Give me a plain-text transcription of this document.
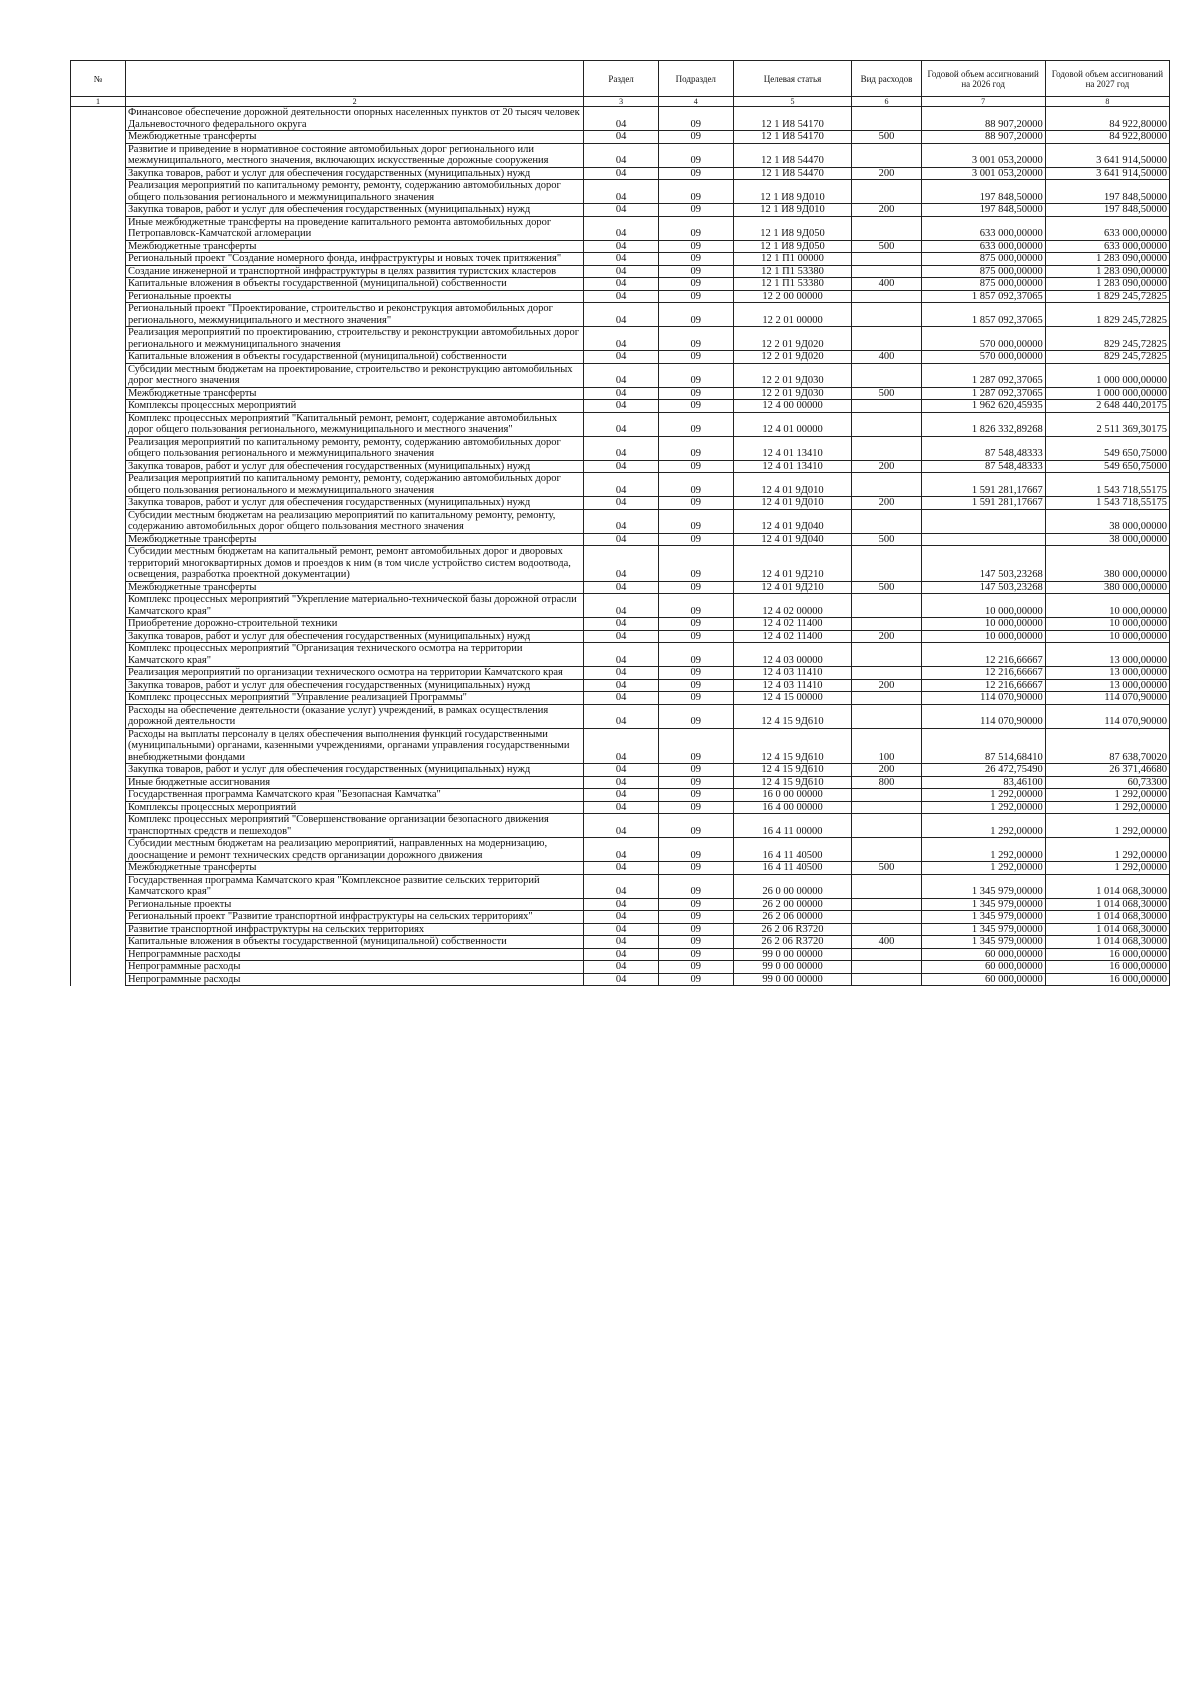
№		Раздел	Подраздел	Целевая статья	Вид расходов	Годовой объем ассигнований на 2026 год	Годовой объем ассигнований на 2027 год
1	2	3	4	5	6	7	8
	Финансовое обеспечение дорожной деятельности опорных населенных пунктов от 20 тысяч человек Дальневосточного федерального округа	04	09	12 1 И8 54170		88 907,20000	84 922,80000
	Межбюджетные трансферты	04	09	12 1 И8 54170	500	88 907,20000	84 922,80000
	Развитие и приведение в нормативное состояние автомобильных дорог регионального или межмуниципального, местного значения, включающих искусственные дорожные сооружения	04	09	12 1 И8 54470		3 001 053,20000	3 641 914,50000
	Закупка товаров, работ и услуг для обеспечения государственных (муниципальных) нужд	04	09	12 1 И8 54470	200	3 001 053,20000	3 641 914,50000
	Реализация мероприятий по капитальному ремонту, ремонту, содержанию автомобильных дорог общего пользования регионального и межмуниципального значения	04	09	12 1 И8 9Д010		197 848,50000	197 848,50000
	Закупка товаров, работ и услуг для обеспечения государственных (муниципальных) нужд	04	09	12 1 И8 9Д010	200	197 848,50000	197 848,50000
	Иные межбюджетные трансферты на проведение капитального ремонта автомобильных дорог Петропавловск-Камчатской агломерации	04	09	12 1 И8 9Д050		633 000,00000	633 000,00000
	Межбюджетные трансферты	04	09	12 1 И8 9Д050	500	633 000,00000	633 000,00000
	Региональный проект "Создание номерного фонда, инфраструктуры и новых точек притяжения"	04	09	12 1 П1 00000		875 000,00000	1 283 090,00000
	Создание инженерной и транспортной инфраструктуры в целях развития туристских кластеров	04	09	12 1 П1 53380		875 000,00000	1 283 090,00000
	Капитальные вложения в объекты государственной (муниципальной) собственности	04	09	12 1 П1 53380	400	875 000,00000	1 283 090,00000
	Региональные проекты	04	09	12 2 00 00000		1 857 092,37065	1 829 245,72825
	Региональный проект "Проектирование, строительство и реконструкция автомобильных дорог регионального, межмуниципального и местного значения"	04	09	12 2 01 00000		1 857 092,37065	1 829 245,72825
	Реализация мероприятий по проектированию, строительству и реконструкции автомобильных дорог регионального и межмуниципального значения	04	09	12 2 01 9Д020		570 000,00000	829 245,72825
	Капитальные вложения в объекты государственной (муниципальной) собственности	04	09	12 2 01 9Д020	400	570 000,00000	829 245,72825
	Субсидии местным бюджетам на проектирование, строительство и реконструкцию автомобильных дорог местного значения	04	09	12 2 01 9Д030		1 287 092,37065	1 000 000,00000
	Межбюджетные трансферты	04	09	12 2 01 9Д030	500	1 287 092,37065	1 000 000,00000
	Комплексы процессных мероприятий	04	09	12 4 00 00000		1 962 620,45935	2 648 440,20175
	Комплекс процессных мероприятий "Капитальный ремонт, ремонт, содержание автомобильных дорог общего пользования регионального, межмуниципального и местного значения"	04	09	12 4 01 00000		1 826 332,89268	2 511 369,30175
	Реализация мероприятий по капитальному ремонту, ремонту, содержанию автомобильных дорог общего пользования регионального и межмуниципального значения	04	09	12 4 01 13410		87 548,48333	549 650,75000
	Закупка товаров, работ и услуг для обеспечения государственных (муниципальных) нужд	04	09	12 4 01 13410	200	87 548,48333	549 650,75000
	Реализация мероприятий по капитальному ремонту, ремонту, содержанию автомобильных дорог общего пользования регионального и межмуниципального значения	04	09	12 4 01 9Д010		1 591 281,17667	1 543 718,55175
	Закупка товаров, работ и услуг для обеспечения государственных (муниципальных) нужд	04	09	12 4 01 9Д010	200	1 591 281,17667	1 543 718,55175
	Субсидии местным бюджетам на реализацию мероприятий по капитальному ремонту, ремонту, содержанию автомобильных дорог общего пользования местного значения	04	09	12 4 01 9Д040			38 000,00000
	Межбюджетные трансферты	04	09	12 4 01 9Д040	500		38 000,00000
	Субсидии местным бюджетам на капитальный ремонт, ремонт автомобильных дорог и дворовых территорий многоквартирных домов и проездов к ним (в том числе устройство систем водоотвода, освещения, разработка проектной документации)	04	09	12 4 01 9Д210		147 503,23268	380 000,00000
	Межбюджетные трансферты	04	09	12 4 01 9Д210	500	147 503,23268	380 000,00000
	Комплекс процессных мероприятий "Укрепление материально-технической базы дорожной отрасли Камчатского края"	04	09	12 4 02 00000		10 000,00000	10 000,00000
	Приобретение дорожно-строительной техники	04	09	12 4 02 11400		10 000,00000	10 000,00000
	Закупка товаров, работ и услуг для обеспечения государственных (муниципальных) нужд	04	09	12 4 02 11400	200	10 000,00000	10 000,00000
	Комплекс процессных мероприятий "Организация технического осмотра на территории Камчатского края"	04	09	12 4 03 00000		12 216,66667	13 000,00000
	Реализация мероприятий по организации технического осмотра на территории Камчатского края	04	09	12 4 03 11410		12 216,66667	13 000,00000
	Закупка товаров, работ и услуг для обеспечения государственных (муниципальных) нужд	04	09	12 4 03 11410	200	12 216,66667	13 000,00000
	Комплекс процессных мероприятий "Управление реализацией Программы"	04	09	12 4 15 00000		114 070,90000	114 070,90000
	Расходы на обеспечение деятельности (оказание услуг) учреждений, в рамках осуществления дорожной деятельности	04	09	12 4 15 9Д610		114 070,90000	114 070,90000
	Расходы на выплаты персоналу в целях обеспечения выполнения функций государственными (муниципальными) органами, казенными учреждениями, органами управления государственными внебюджетными фондами	04	09	12 4 15 9Д610	100	87 514,68410	87 638,70020
	Закупка товаров, работ и услуг для обеспечения государственных (муниципальных) нужд	04	09	12 4 15 9Д610	200	26 472,75490	26 371,46680
	Иные бюджетные ассигнования	04	09	12 4 15 9Д610	800	83,46100	60,73300
	Государственная программа Камчатского края "Безопасная Камчатка"	04	09	16 0 00 00000		1 292,00000	1 292,00000
	Комплексы процессных мероприятий	04	09	16 4 00 00000		1 292,00000	1 292,00000
	Комплекс процессных мероприятий "Совершенствование организации безопасного движения транспортных средств и пешеходов"	04	09	16 4 11 00000		1 292,00000	1 292,00000
	Субсидии местным бюджетам на реализацию мероприятий, направленных на модернизацию, дооснащение и ремонт технических средств организации дорожного движения	04	09	16 4 11 40500		1 292,00000	1 292,00000
	Межбюджетные трансферты	04	09	16 4 11 40500	500	1 292,00000	1 292,00000
	Государственная программа Камчатского края "Комплексное развитие сельских территорий Камчатского края"	04	09	26 0 00 00000		1 345 979,00000	1 014 068,30000
	Региональные проекты	04	09	26 2 00 00000		1 345 979,00000	1 014 068,30000
	Региональный проект "Развитие транспортной инфраструктуры на сельских территориях"	04	09	26 2 06 00000		1 345 979,00000	1 014 068,30000
	Развитие транспортной инфраструктуры на сельских территориях	04	09	26 2 06 R3720		1 345 979,00000	1 014 068,30000
	Капитальные вложения в объекты государственной (муниципальной) собственности	04	09	26 2 06 R3720	400	1 345 979,00000	1 014 068,30000
	Непрограммные расходы	04	09	99 0 00 00000		60 000,00000	16 000,00000
	Непрограммные расходы	04	09	99 0 00 00000		60 000,00000	16 000,00000
	Непрограммные расходы	04	09	99 0 00 00000		60 000,00000	16 000,00000
